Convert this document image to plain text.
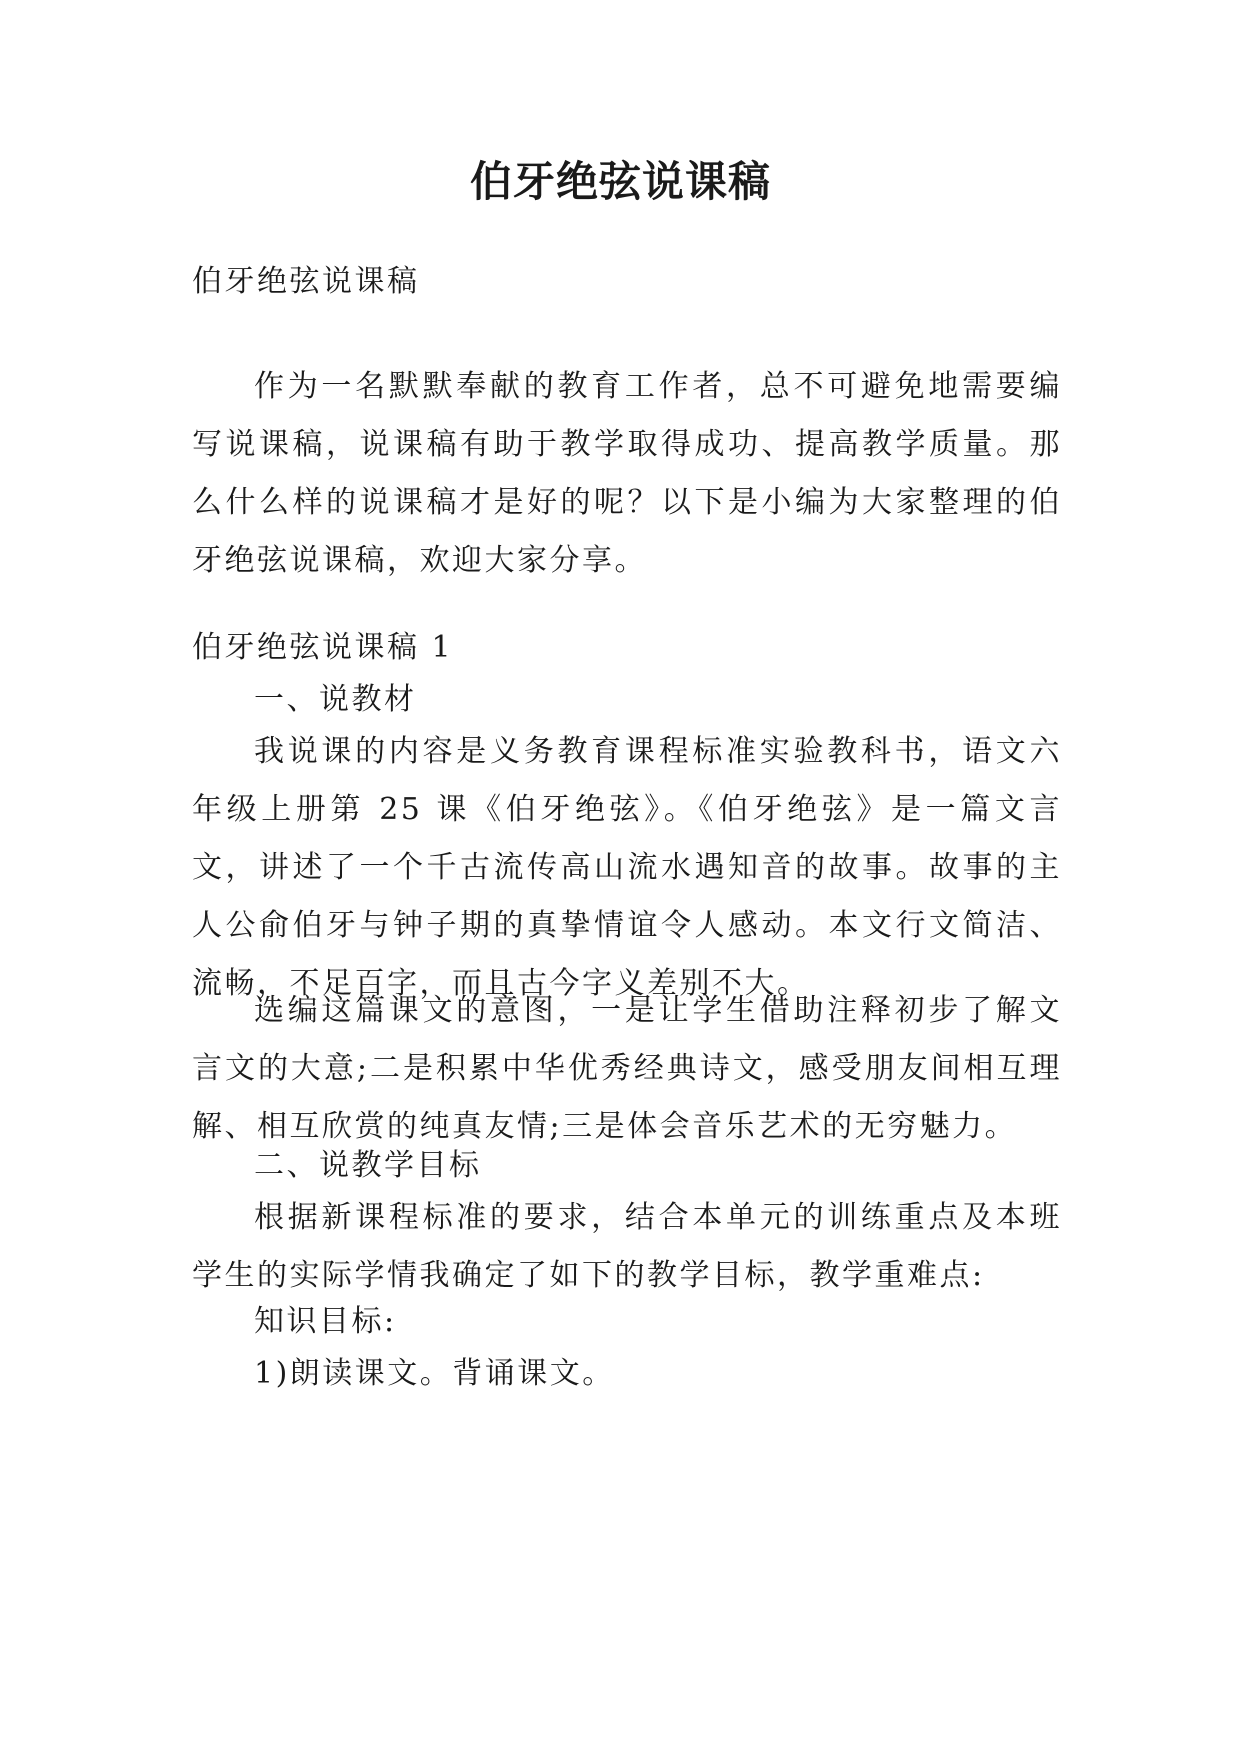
伯牙绝弦说课稿

伯牙绝弦说课稿

作为一名默默奉献的教育工作者，总不可避免地需要编写说课稿，说课稿有助于教学取得成功、提高教学质量。那么什么样的说课稿才是好的呢？以下是小编为大家整理的伯牙绝弦说课稿，欢迎大家分享。

伯牙绝弦说课稿 1

一、说教材

我说课的内容是义务教育课程标准实验教科书，语文六年级上册第 25 课《伯牙绝弦》。《伯牙绝弦》是一篇文言文，讲述了一个千古流传高山流水遇知音的故事。故事的主人公俞伯牙与钟子期的真挚情谊令人感动。本文行文简洁、流畅，不足百字，而且古今字义差别不大。

选编这篇课文的意图，一是让学生借助注释初步了解文言文的大意;二是积累中华优秀经典诗文，感受朋友间相互理解、相互欣赏的纯真友情;三是体会音乐艺术的无穷魅力。

二、说教学目标

根据新课程标准的要求，结合本单元的训练重点及本班学生的实际学情我确定了如下的教学目标，教学重难点:

知识目标:

1)朗读课文。背诵课文。
